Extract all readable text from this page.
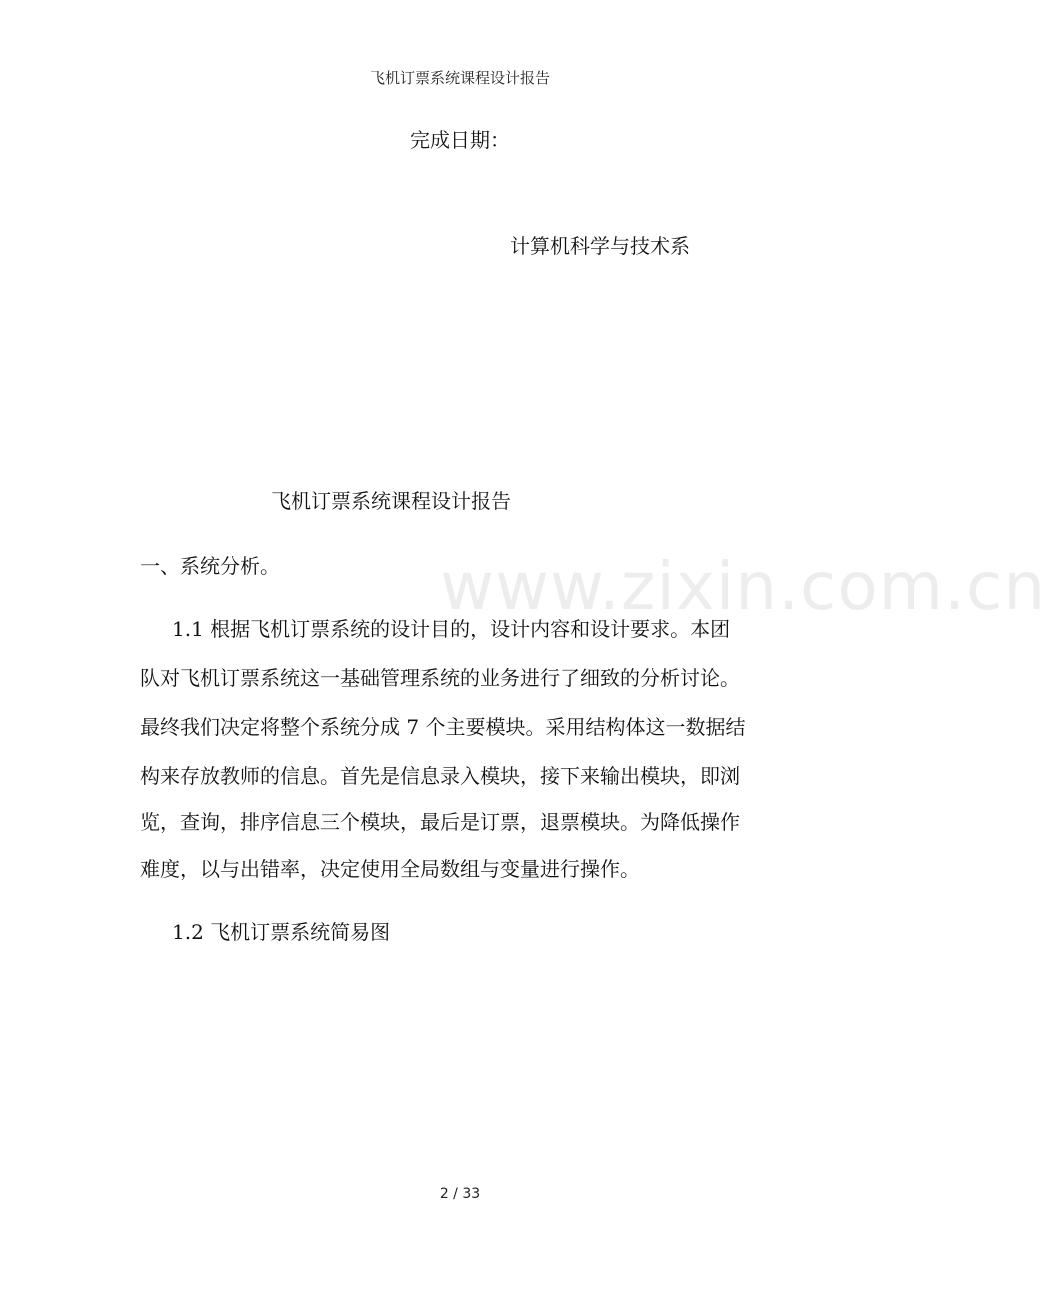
飞机订票系统课程设计报告
完成日期：
计算机科学与技术系
www.zixin.com.cn
飞机订票系统课程设计报告
一、系统分析。
1.1 根据飞机订票系统的设计目的，设计内容和设计要求。本团
队对飞机订票系统这一基础管理系统的业务进行了细致的分析讨论。
最终我们决定将整个系统分成 7 个主要模块。采用结构体这一数据结
构来存放教师的信息。首先是信息录入模块，接下来输出模块，即浏
览，查询，排序信息三个模块，最后是订票，退票模块。为降低操作
难度，以与出错率，决定使用全局数组与变量进行操作。
1.2 飞机订票系统简易图
2 / 33
